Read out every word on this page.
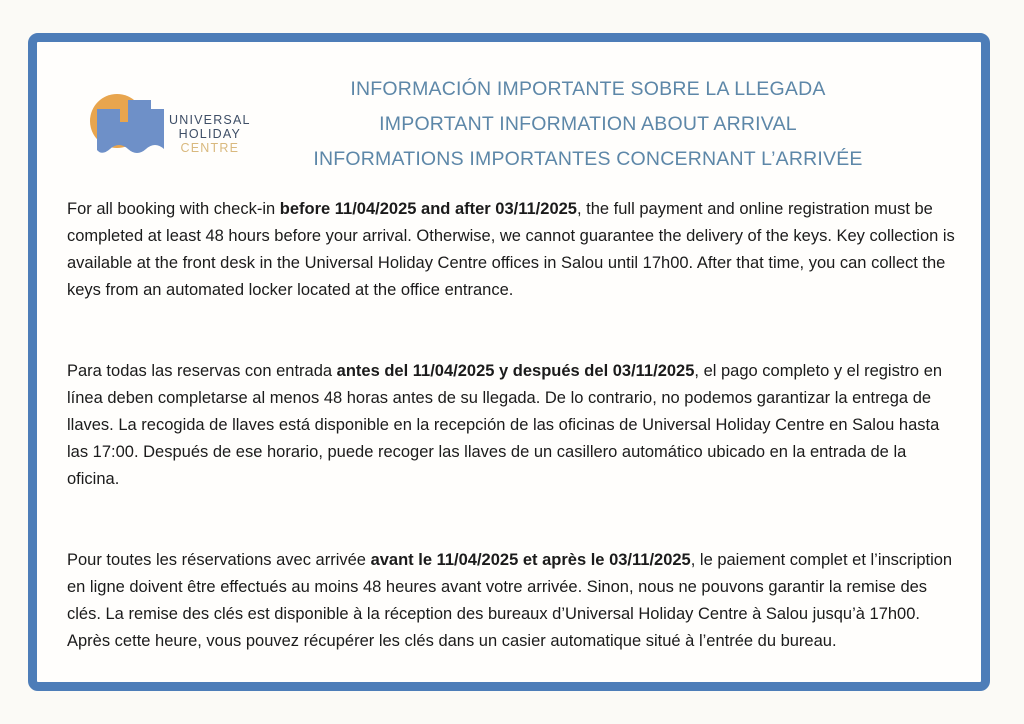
UNIVERSAL
HOLIDAY
CENTRE
INFORMACIÓN IMPORTANTE SOBRE LA LLEGADA
IMPORTANT INFORMATION ABOUT ARRIVAL
INFORMATIONS IMPORTANTES CONCERNANT L’ARRIVÉE

For all booking with check-in before 11/04/2025 and after 03/11/2025, the full payment and online registration must be completed at least 48 hours before your arrival. Otherwise, we cannot guarantee the delivery of the keys. Key collection is available at the front desk in the Universal Holiday Centre offices in Salou until 17h00. After that time, you can collect the keys from an automated locker located at the office entrance.

Para todas las reservas con entrada antes del 11/04/2025 y después del 03/11/2025, el pago completo y el registro en línea deben completarse al menos 48 horas antes de su llegada. De lo contrario, no podemos garantizar la entrega de llaves. La recogida de llaves está disponible en la recepción de las oficinas de Universal Holiday Centre en Salou hasta las 17:00. Después de ese horario, puede recoger las llaves de un casillero automático ubicado en la entrada de la oficina.

Pour toutes les réservations avec arrivée avant le 11/04/2025 et après le 03/11/2025, le paiement complet et l’inscription en ligne doivent être effectués au moins 48 heures avant votre arrivée. Sinon, nous ne pouvons garantir la remise des clés. La remise des clés est disponible à la réception des bureaux d’Universal Holiday Centre à Salou jusqu’à 17h00. Après cette heure, vous pouvez récupérer les clés dans un casier automatique situé à l’entrée du bureau.
